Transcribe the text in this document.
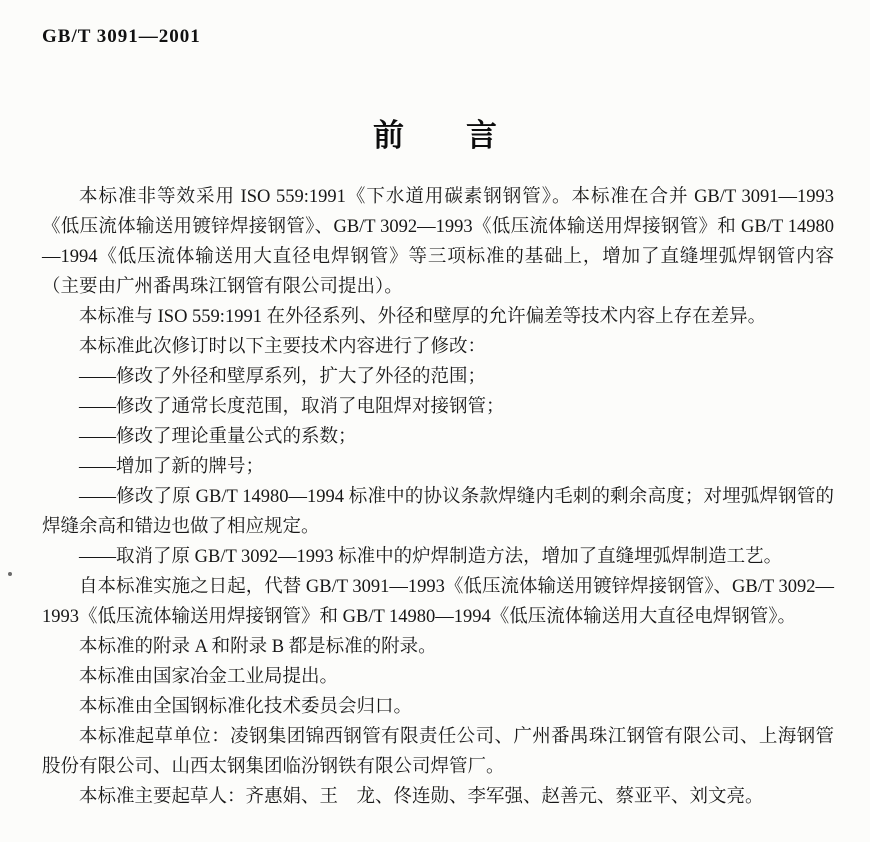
GB/T 3091—2001
前　　言

本标准非等效采用 ISO 559:1991《下水道用碳素钢钢管》。本标准在合并 GB/T 3091—1993《低压流体输送用镀锌焊接钢管》、GB/T 3092—1993《低压流体输送用焊接钢管》和 GB/T 14980—1994《低压流体输送用大直径电焊钢管》等三项标准的基础上，增加了直缝埋弧焊钢管内容（主要由广州番禺珠江钢管有限公司提出）。

本标准与 ISO 559:1991 在外径系列、外径和壁厚的允许偏差等技术内容上存在差异。

本标准此次修订时以下主要技术内容进行了修改：

——修改了外径和壁厚系列，扩大了外径的范围；

——修改了通常长度范围，取消了电阻焊对接钢管；

——修改了理论重量公式的系数；

——增加了新的牌号；

——修改了原 GB/T 14980—1994 标准中的协议条款焊缝内毛刺的剩余高度；对埋弧焊钢管的焊缝余高和错边也做了相应规定。

——取消了原 GB/T 3092—1993 标准中的炉焊制造方法，增加了直缝埋弧焊制造工艺。

自本标准实施之日起，代替 GB/T 3091—1993《低压流体输送用镀锌焊接钢管》、GB/T 3092—1993《低压流体输送用焊接钢管》和 GB/T 14980—1994《低压流体输送用大直径电焊钢管》。

本标准的附录 A 和附录 B 都是标准的附录。

本标准由国家冶金工业局提出。

本标准由全国钢标准化技术委员会归口。

本标准起草单位：凌钢集团锦西钢管有限责任公司、广州番禺珠江钢管有限公司、上海钢管股份有限公司、山西太钢集团临汾钢铁有限公司焊管厂。

本标准主要起草人：齐惠娟、王　龙、佟连勋、李军强、赵善元、蔡亚平、刘文亮。
